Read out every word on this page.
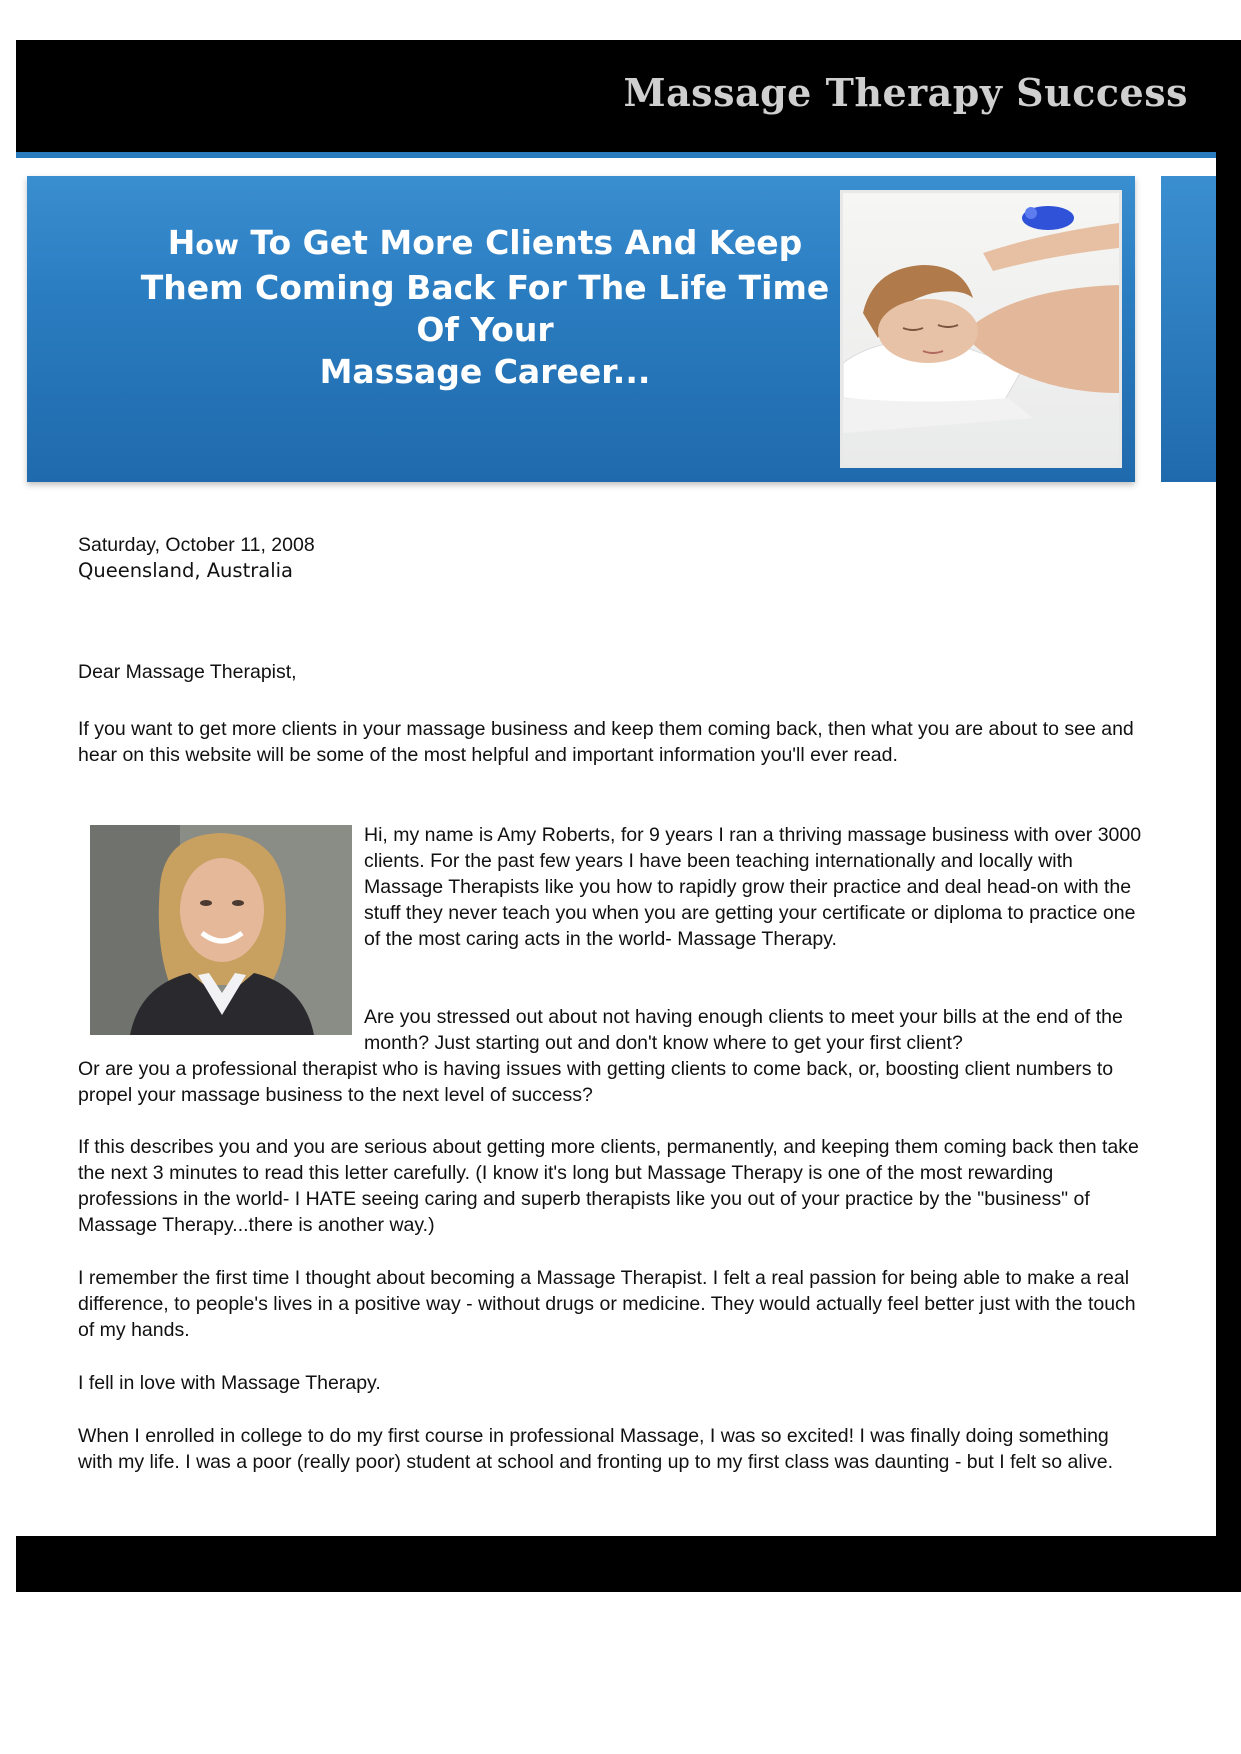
Massage Therapy Success
How To Get More Clients And Keep
Them Coming Back For The Life Time
Of Your
Massage Career...
Saturday, October 11, 2008
Queensland, Australia
Dear Massage Therapist,
If you want to get more clients in your massage business and keep them coming back, then what you are about to see and hear on this website will be some of the most helpful and important information you'll ever read.
Hi, my name is Amy Roberts, for 9 years I ran a thriving massage business with over 3000 clients. For the past few years I have been teaching internationally and locally with Massage Therapists like you how to rapidly grow their practice and deal head-on with the stuff they never teach you when you are getting your certificate or diploma to practice one of the most caring acts in the world- Massage Therapy.
Are you stressed out about not having enough clients to meet your bills at the end of the month? Just starting out and don't know where to get your first client?
Or are you a professional therapist who is having issues with getting clients to come back, or, boosting client numbers to propel your massage business to the next level of success?
If this describes you and you are serious about getting more clients, permanently, and keeping them coming back then take the next 3 minutes to read this letter carefully. (I know it's long but Massage Therapy is one of the most rewarding professions in the world- I HATE seeing caring and superb therapists like you out of your practice by the "business" of Massage Therapy...there is another way.)
I remember the first time I thought about becoming a Massage Therapist. I felt a real passion for being able to make a real difference, to people's lives in a positive way - without drugs or medicine. They would actually feel better just with the touch of my hands.
I fell in love with Massage Therapy.
When I enrolled in college to do my first course in professional Massage, I was so excited! I was finally doing something with my life. I was a poor (really poor) student at school and fronting up to my first class was daunting - but I felt so alive.
